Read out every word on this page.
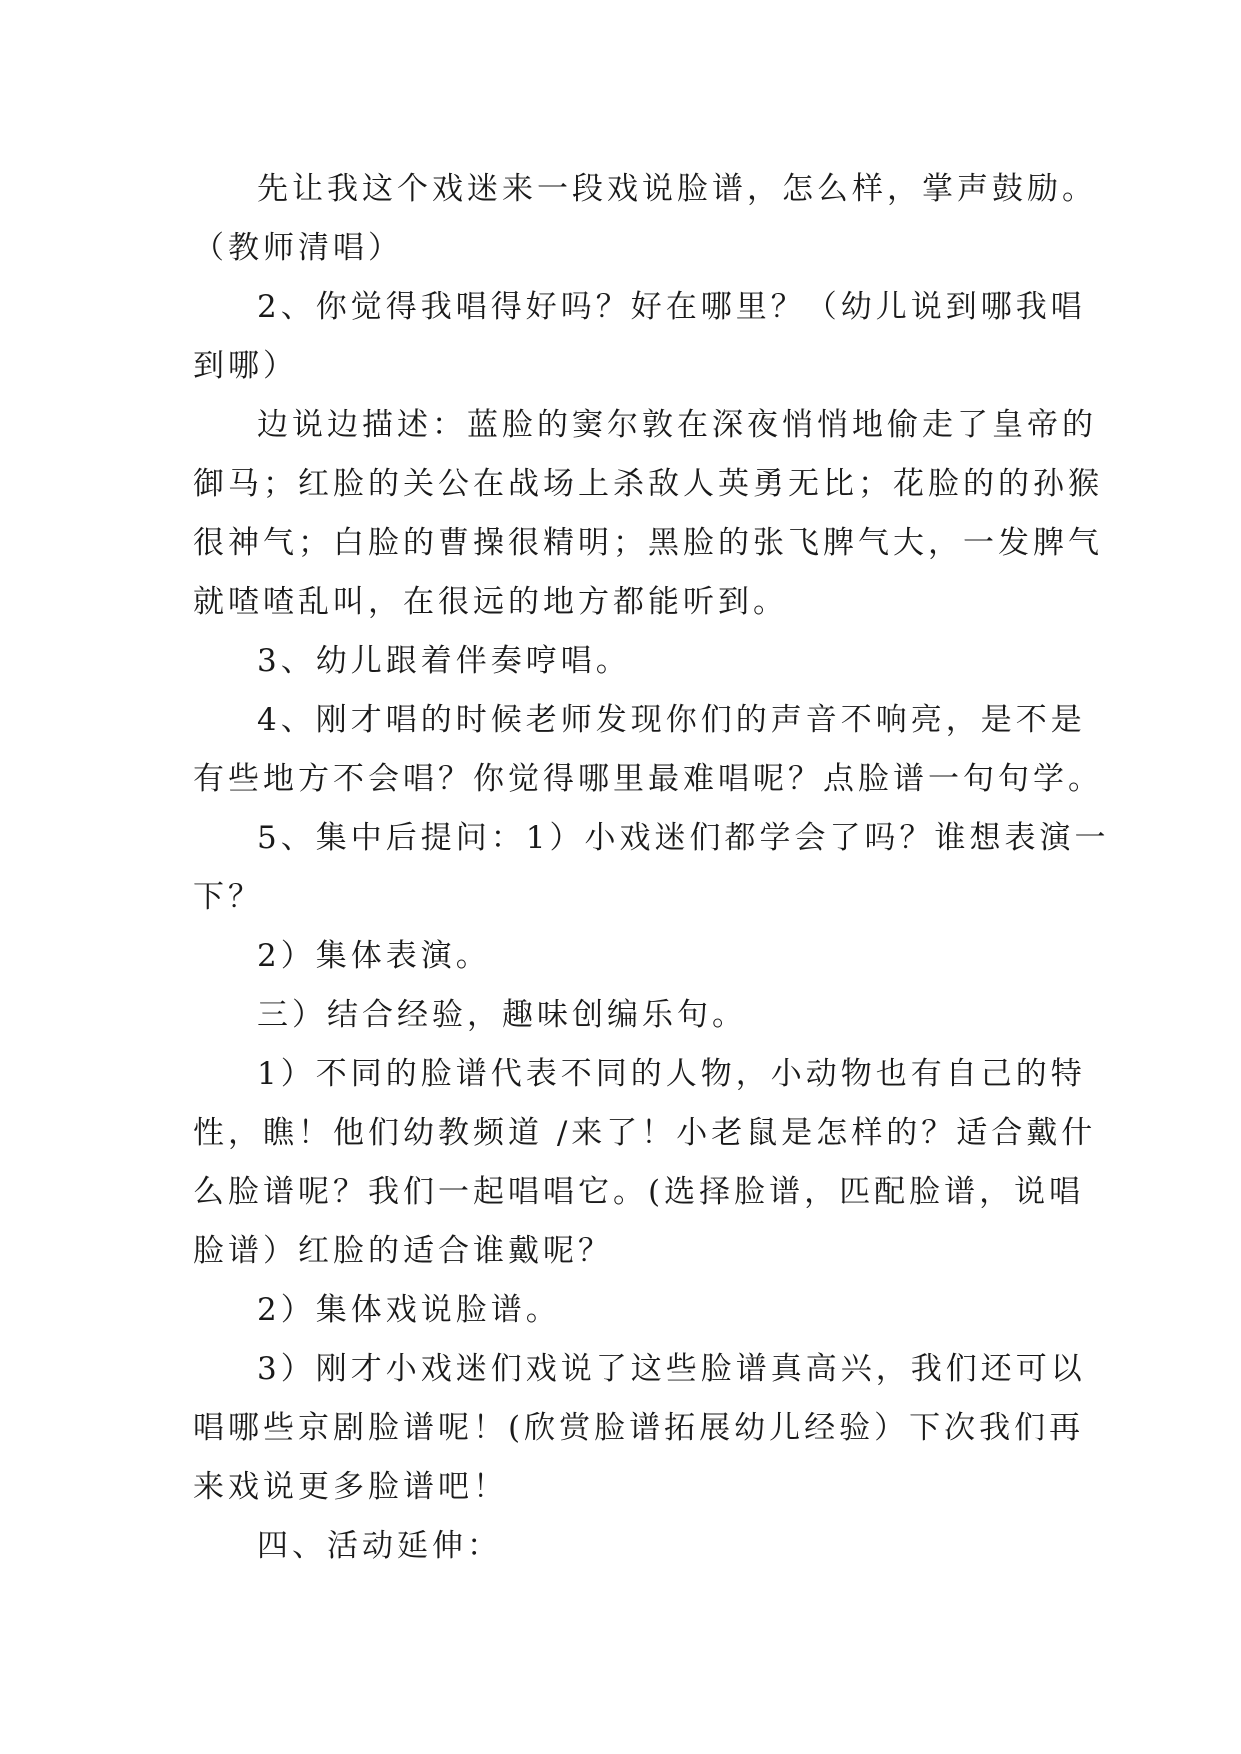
先让我这个戏迷来一段戏说脸谱，怎么样，掌声鼓励。
（教师清唱）
2、你觉得我唱得好吗？好在哪里？（幼儿说到哪我唱
到哪）
边说边描述：蓝脸的窦尔敦在深夜悄悄地偷走了皇帝的
御马；红脸的关公在战场上杀敌人英勇无比；花脸的的孙猴
很神气；白脸的曹操很精明；黑脸的张飞脾气大，一发脾气
就喳喳乱叫，在很远的地方都能听到。
3、幼儿跟着伴奏哼唱。
4、刚才唱的时候老师发现你们的声音不响亮，是不是
有些地方不会唱？你觉得哪里最难唱呢？点脸谱一句句学。
5、集中后提问：1）小戏迷们都学会了吗？谁想表演一
下？
2）集体表演。
三）结合经验，趣味创编乐句。
1）不同的脸谱代表不同的人物，小动物也有自己的特
性，瞧！他们幼教频道 /来了！小老鼠是怎样的？适合戴什
么脸谱呢？我们一起唱唱它。(选择脸谱，匹配脸谱，说唱
脸谱）红脸的适合谁戴呢？
2）集体戏说脸谱。
3）刚才小戏迷们戏说了这些脸谱真高兴，我们还可以
唱哪些京剧脸谱呢！(欣赏脸谱拓展幼儿经验）下次我们再
来戏说更多脸谱吧！
四、活动延伸：
